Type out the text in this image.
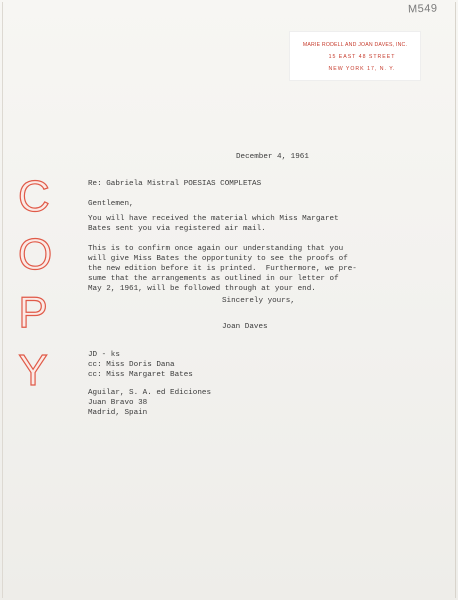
M549
MARIE RODELL AND JOAN DAVES, INC.
15 EAST 48 STREET
NEW YORK 17, N. Y.
C
O
P
Y
December 4, 1961
Re: Gabriela Mistral POESIAS COMPLETAS
Gentlemen,
You will have received the material which Miss Margaret
Bates sent you via registered air mail.
This is to confirm once again our understanding that you
will give Miss Bates the opportunity to see the proofs of
the new edition before it is printed.  Furthermore, we pre-
sume that the arrangements as outlined in our letter of
May 2, 1961, will be followed through at your end.
Sincerely yours,
Joan Daves
JD - ks
cc: Miss Doris Dana
cc: Miss Margaret Bates
Aguilar, S. A. ed Ediciones
Juan Bravo 38
Madrid, Spain
